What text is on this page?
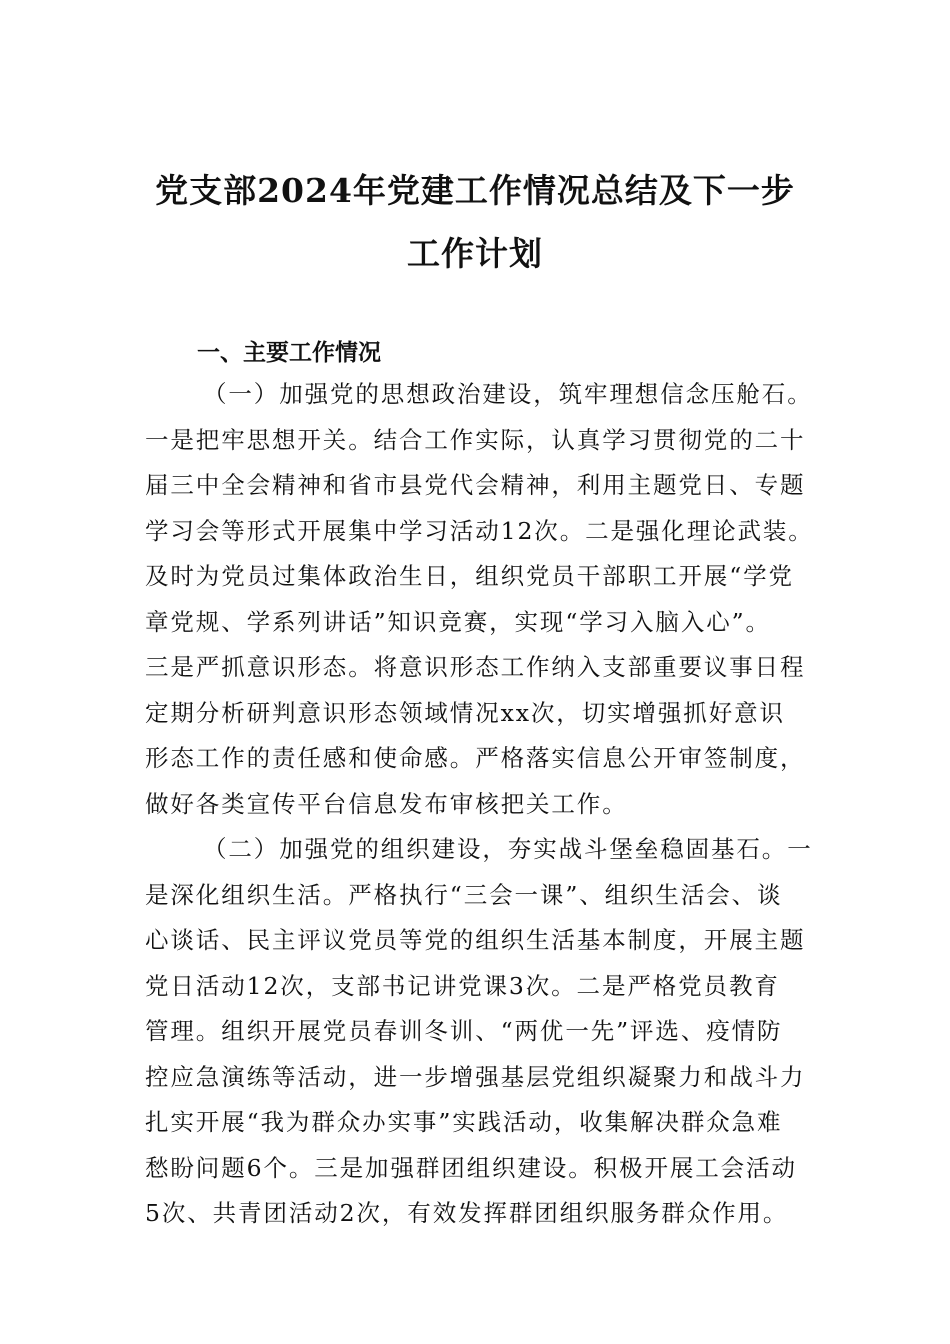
党支部2024年党建工作情况总结及下一步
工作计划
一、主要工作情况
（一）加强党的思想政治建设，筑牢理想信念压舱石。
一是把牢思想开关。结合工作实际，认真学习贯彻党的二十
届三中全会精神和省市县党代会精神，利用主题党日、专题
学习会等形式开展集中学习活动12次。二是强化理论武装。
及时为党员过集体政治生日，组织党员干部职工开展“学党
章党规、学系列讲话”知识竞赛，实现“学习入脑入心”。
三是严抓意识形态。将意识形态工作纳入支部重要议事日程
定期分析研判意识形态领域情况xx次，切实增强抓好意识
形态工作的责任感和使命感。严格落实信息公开审签制度，
做好各类宣传平台信息发布审核把关工作。
（二）加强党的组织建设，夯实战斗堡垒稳固基石。一
是深化组织生活。严格执行“三会一课”、组织生活会、谈
心谈话、民主评议党员等党的组织生活基本制度，开展主题
党日活动12次，支部书记讲党课3次。二是严格党员教育
管理。组织开展党员春训冬训、“两优一先”评选、疫情防
控应急演练等活动，进一步增强基层党组织凝聚力和战斗力
扎实开展“我为群众办实事”实践活动，收集解决群众急难
愁盼问题6个。三是加强群团组织建设。积极开展工会活动
5次、共青团活动2次，有效发挥群团组织服务群众作用。
